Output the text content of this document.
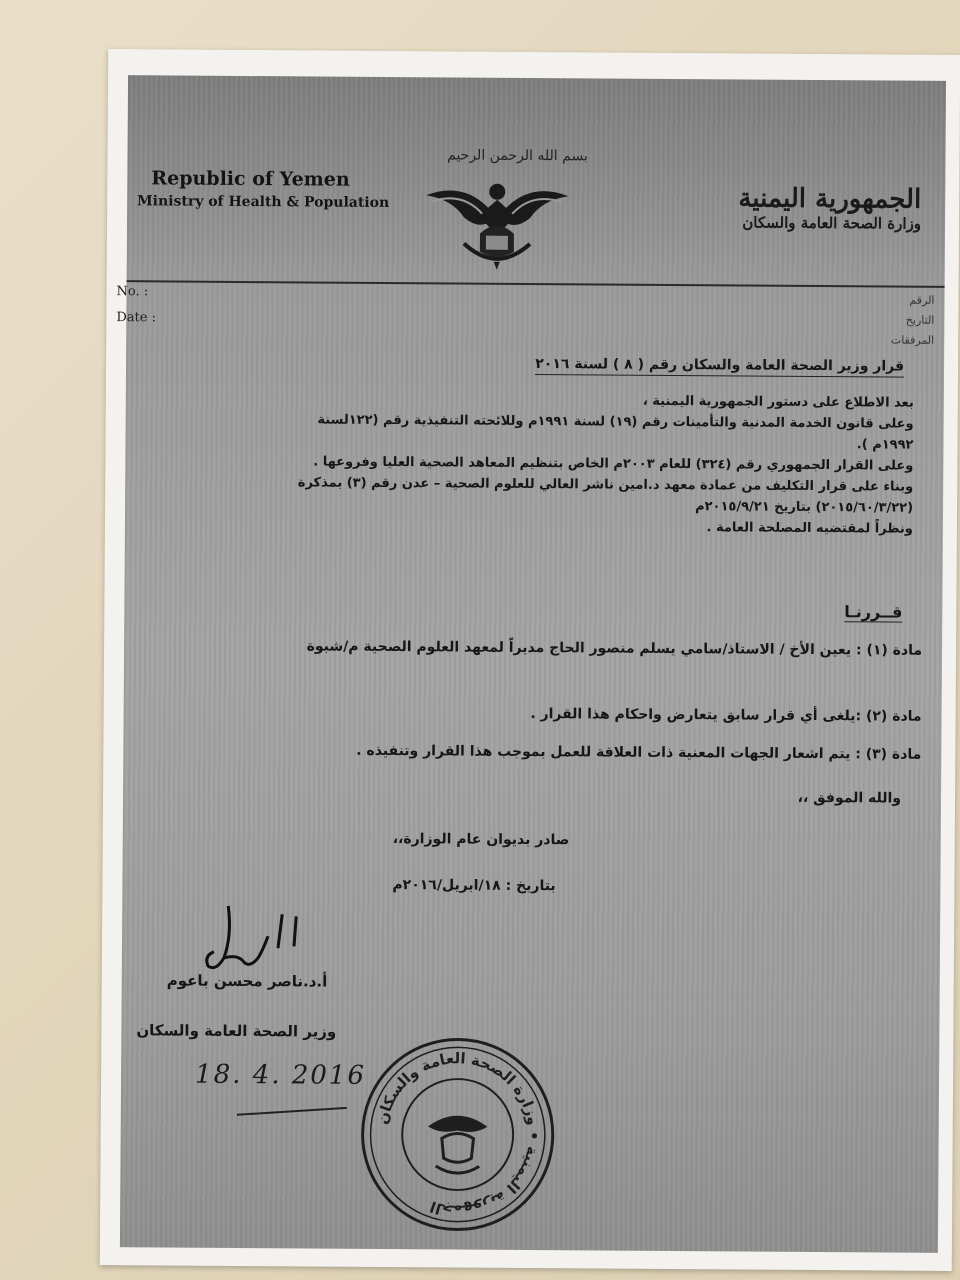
Republic of Yemen
Ministry of Health & Population
بسم الله الرحمن الرحيم
الجمهورية اليمنية
وزارة الصحة العامة والسكان
No. :
Date :
الرقم
التاريخ
المرفقات
قرار وزير الصحة العامة والسكان رقم ( ٨ ) لسنة ٢٠١٦

بعد الاطلاع على دستور الجمهورية اليمنية ،

وعلى قانون الخدمة المدنية والتأمينات رقم (١٩) لسنة ١٩٩١م وللائحته التنفيذية رقم (١٢٢لسنة ١٩٩٢م ).

وعلى القرار الجمهوري رقم (٣٢٤) للعام ٢٠٠٣م الخاص بتنظيم المعاهد الصحية العليا وفروعها .

وبناء على قرار التكليف من عمادة معهد د.امين ناشر العالي للعلوم الصحية – عدن رقم (٣) بمذكرة (٢٠١٥/٦٠/٣/٢٢) بتاريخ ٢٠١٥/٩/٢١م

ونظراً لمقتضيه المصلحة العامة .

قــررنـا
مادة (١) : يعين الأخ / الاستاذ/سامي يسلم منصور الحاج مديراً لمعهد العلوم الصحية م/شبوة
مادة (٢) :يلغى أي قرار سابق يتعارض واحكام هذا القرار .
مادة (٣) : يتم اشعار الجهات المعنية ذات العلاقة للعمل بموجب هذا القرار وتنفيذه .
والله الموفق ،،
صادر بديوان عام الوزارة،،
بتاريخ : ١٨/ابريل/٢٠١٦م
أ.د.ناصر محسن باعوم
وزير الصحة العامة والسكان
18. 4. 2016
الجمهورية اليمنية • وزارة الصحة العامة والسكان
